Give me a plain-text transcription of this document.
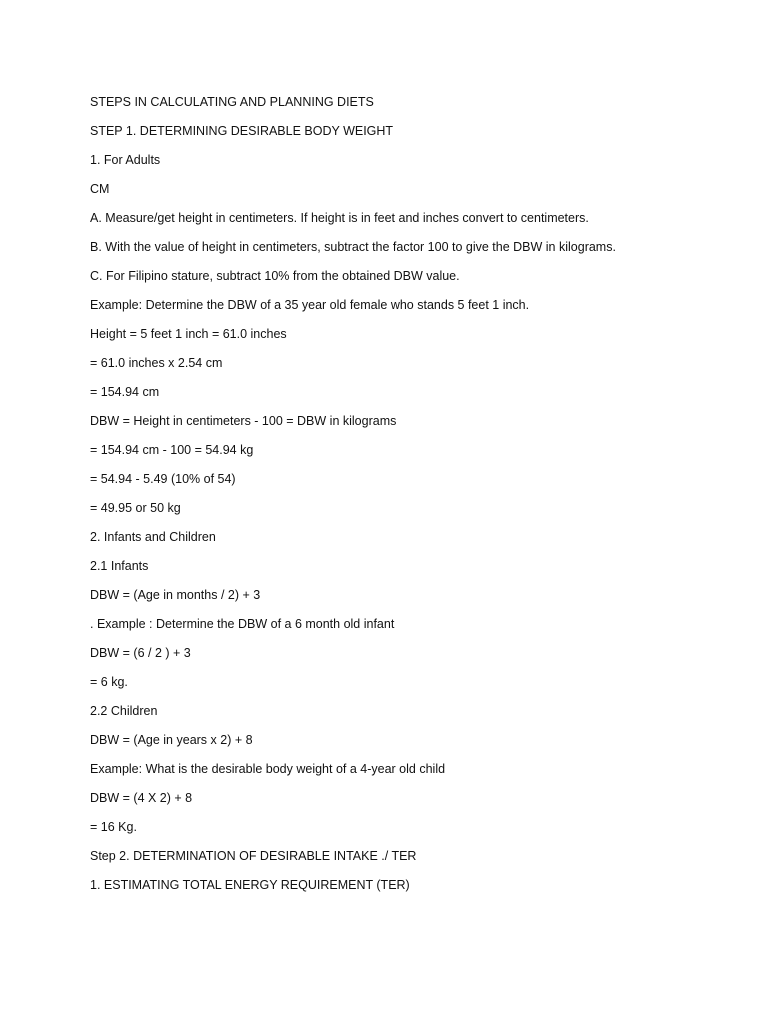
STEPS IN CALCULATING AND PLANNING DIETS
STEP 1. DETERMINING DESIRABLE BODY WEIGHT
1. For Adults
CM
A. Measure/get height in centimeters. If height is in feet and inches convert to centimeters.
B. With the value of height in centimeters, subtract the factor 100 to give the DBW in kilograms.
C. For Filipino stature, subtract 10% from the obtained DBW value.
Example: Determine the DBW of a 35 year old female who stands 5 feet 1 inch.
Height = 5 feet 1 inch = 61.0 inches
= 61.0 inches x 2.54 cm
= 154.94 cm
DBW = Height in centimeters - 100 = DBW in kilograms
= 154.94 cm - 100 = 54.94 kg
= 54.94 - 5.49 (10% of 54)
= 49.95 or 50 kg
2. Infants and Children
2.1 Infants
DBW = (Age in months / 2) + 3
. Example : Determine the DBW of a 6 month old infant
DBW = (6 / 2 ) + 3
= 6 kg.
2.2 Children
DBW = (Age in years x 2) + 8
Example: What is the desirable body weight of a 4-year old child
DBW = (4 X 2) + 8
= 16 Kg.
Step 2. DETERMINATION OF DESIRABLE INTAKE ./ TER
1. ESTIMATING TOTAL ENERGY REQUIREMENT (TER)
